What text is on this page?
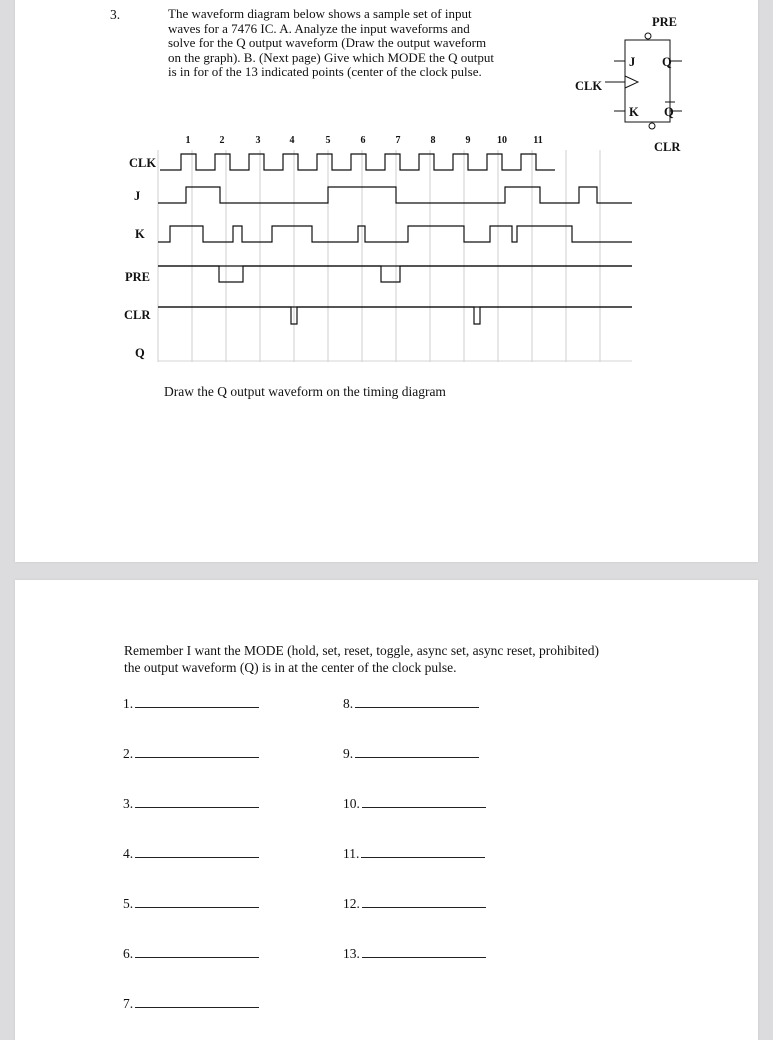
3.	The waveform diagram below shows a sample set of input
waves for a 7476 IC. A. Analyze the input waveforms and
solve for the Q output waveform (Draw the output waveform
on the graph). B. (Next page) Give which MODE the Q output
is in for of the 13 indicated points (center of the clock pulse.
PRE
CLR
CLK
J
K
Q
Q
1	2	3	4	5	6	7	8	9	10	11
CLK
J
K
PRE
CLR
Q
Draw the Q output waveform on the timing diagram
Remember I want the MODE (hold, set, reset, toggle, async set, async reset, prohibited)
the output waveform (Q) is in at the center of the clock pulse.
1.
2.
3.
4.
5.
6.
7.
8.
9.
10.
11.
12.
13.
